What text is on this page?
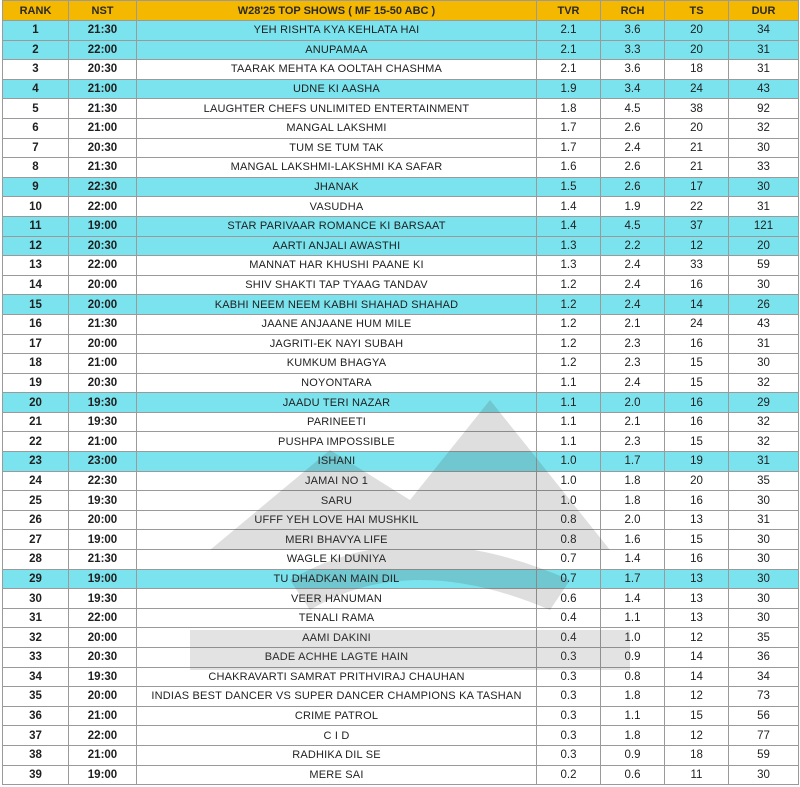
RANK	NST	W28'25 TOP SHOWS ( MF 15-50 ABC )	TVR	RCH	TS	DUR
1	21:30	YEH RISHTA KYA KEHLATA HAI	2.1	3.6	20	34
2	22:00	ANUPAMAA	2.1	3.3	20	31
3	20:30	TAARAK MEHTA KA OOLTAH CHASHMA	2.1	3.6	18	31
4	21:00	UDNE KI AASHA	1.9	3.4	24	43
5	21:30	LAUGHTER CHEFS UNLIMITED ENTERTAINMENT	1.8	4.5	38	92
6	21:00	MANGAL LAKSHMI	1.7	2.6	20	32
7	20:30	TUM SE TUM TAK	1.7	2.4	21	30
8	21:30	MANGAL LAKSHMI-LAKSHMI KA SAFAR	1.6	2.6	21	33
9	22:30	JHANAK	1.5	2.6	17	30
10	22:00	VASUDHA	1.4	1.9	22	31
11	19:00	STAR PARIVAAR ROMANCE KI BARSAAT	1.4	4.5	37	121
12	20:30	AARTI ANJALI AWASTHI	1.3	2.2	12	20
13	22:00	MANNAT HAR KHUSHI PAANE KI	1.3	2.4	33	59
14	20:00	SHIV SHAKTI TAP TYAAG TANDAV	1.2	2.4	16	30
15	20:00	KABHI NEEM NEEM KABHI SHAHAD SHAHAD	1.2	2.4	14	26
16	21:30	JAANE ANJAANE HUM MILE	1.2	2.1	24	43
17	20:00	JAGRITI-EK NAYI SUBAH	1.2	2.3	16	31
18	21:00	KUMKUM BHAGYA	1.2	2.3	15	30
19	20:30	NOYONTARA	1.1	2.4	15	32
20	19:30	JAADU TERI NAZAR	1.1	2.0	16	29
21	19:30	PARINEETI	1.1	2.1	16	32
22	21:00	PUSHPA IMPOSSIBLE	1.1	2.3	15	32
23	23:00	ISHANI	1.0	1.7	19	31
24	22:30	JAMAI NO 1	1.0	1.8	20	35
25	19:30	SARU	1.0	1.8	16	30
26	20:00	UFFF YEH LOVE HAI MUSHKIL	0.8	2.0	13	31
27	19:00	MERI BHAVYA LIFE	0.8	1.6	15	30
28	21:30	WAGLE KI DUNIYA	0.7	1.4	16	30
29	19:00	TU DHADKAN MAIN DIL	0.7	1.7	13	30
30	19:30	VEER HANUMAN	0.6	1.4	13	30
31	22:00	TENALI RAMA	0.4	1.1	13	30
32	20:00	AAMI DAKINI	0.4	1.0	12	35
33	20:30	BADE ACHHE LAGTE HAIN	0.3	0.9	14	36
34	19:30	CHAKRAVARTI SAMRAT PRITHVIRAJ CHAUHAN	0.3	0.8	14	34
35	20:00	INDIAS BEST DANCER VS SUPER DANCER CHAMPIONS KA TASHAN	0.3	1.8	12	73
36	21:00	CRIME PATROL	0.3	1.1	15	56
37	22:00	C I D	0.3	1.8	12	77
38	21:00	RADHIKA DIL SE	0.3	0.9	18	59
39	19:00	MERE SAI	0.2	0.6	11	30
